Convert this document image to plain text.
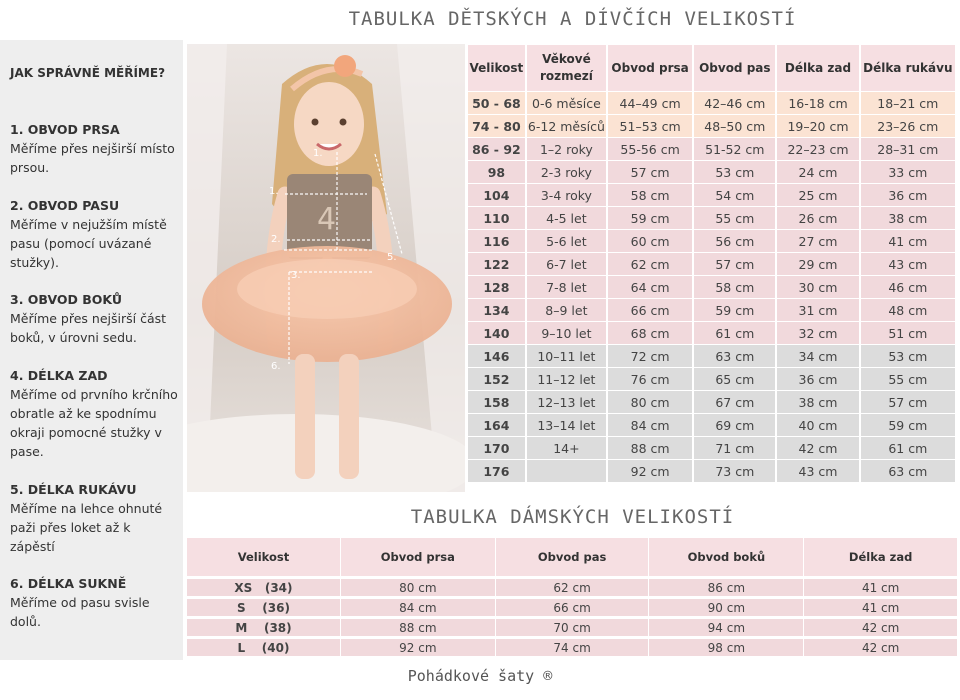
TABULKA DĚTSKÝCH A DÍVČÍCH VELIKOSTÍ
JAK SPRÁVNĚ MĚŘÍME?
1. OBVOD PRSA
Měříme přes nejširší místo prsou.
2. OBVOD PASU
Měříme v nejužším místě pasu (pomocí uvázané stužky).
3. OBVOD BOKŮ
Měříme přes nejširší část boků, v úrovni sedu.
4. DÉLKA ZAD
Měříme od prvního krčního obratle až ke spodnímu okraji pomocné stužky v pase.
5. DÉLKA RUKÁVU
Měříme na lehce ohnuté paži přes loket až k zápěstí
6. DÉLKA SUKNĚ
Měříme od pasu svisle dolů.
4
1.
1.
2.
3.
5.
6.
Velikost	Věkové rozmezí	Obvod prsa	Obvod pas	Délka zad	Délka rukávu
50 - 68	0-6 měsíce	44–49 cm	42–46 cm	16-18 cm	18–21 cm
74 - 80	6-12 měsíců	51–53 cm	48–50 cm	19–20 cm	23–26 cm
86 - 92	1–2 roky	55-56 cm	51-52 cm	22–23 cm	28–31 cm
98	2-3 roky	57 cm	53 cm	24 cm	33 cm
104	3-4 roky	58 cm	54 cm	25 cm	36 cm
110	4-5 let	59 cm	55 cm	26 cm	38 cm
116	5-6 let	60 cm	56 cm	27 cm	41 cm
122	6-7 let	62 cm	57 cm	29 cm	43 cm
128	7-8 let	64 cm	58 cm	30 cm	46 cm
134	8–9 let	66 cm	59 cm	31 cm	48 cm
140	9–10 let	68 cm	61 cm	32 cm	51 cm
146	10–11 let	72 cm	63 cm	34 cm	53 cm
152	11–12 let	76 cm	65 cm	36 cm	55 cm
158	12–13 let	80 cm	67 cm	38 cm	57 cm
164	13–14 let	84 cm	69 cm	40 cm	59 cm
170	14+	88 cm	71 cm	42 cm	61 cm
176		92 cm	73 cm	43 cm	63 cm
TABULKA DÁMSKÝCH VELIKOSTÍ
Velikost	Obvod prsa	Obvod pas	Obvod boků	Délka zad
XS   (34)	80 cm	62 cm	86 cm	41 cm
S    (36)	84 cm	66 cm	90 cm	41 cm
M    (38)	88 cm	70 cm	94 cm	42 cm
L    (40)	92 cm	74 cm	98 cm	42 cm
Pohádkové šaty ®
